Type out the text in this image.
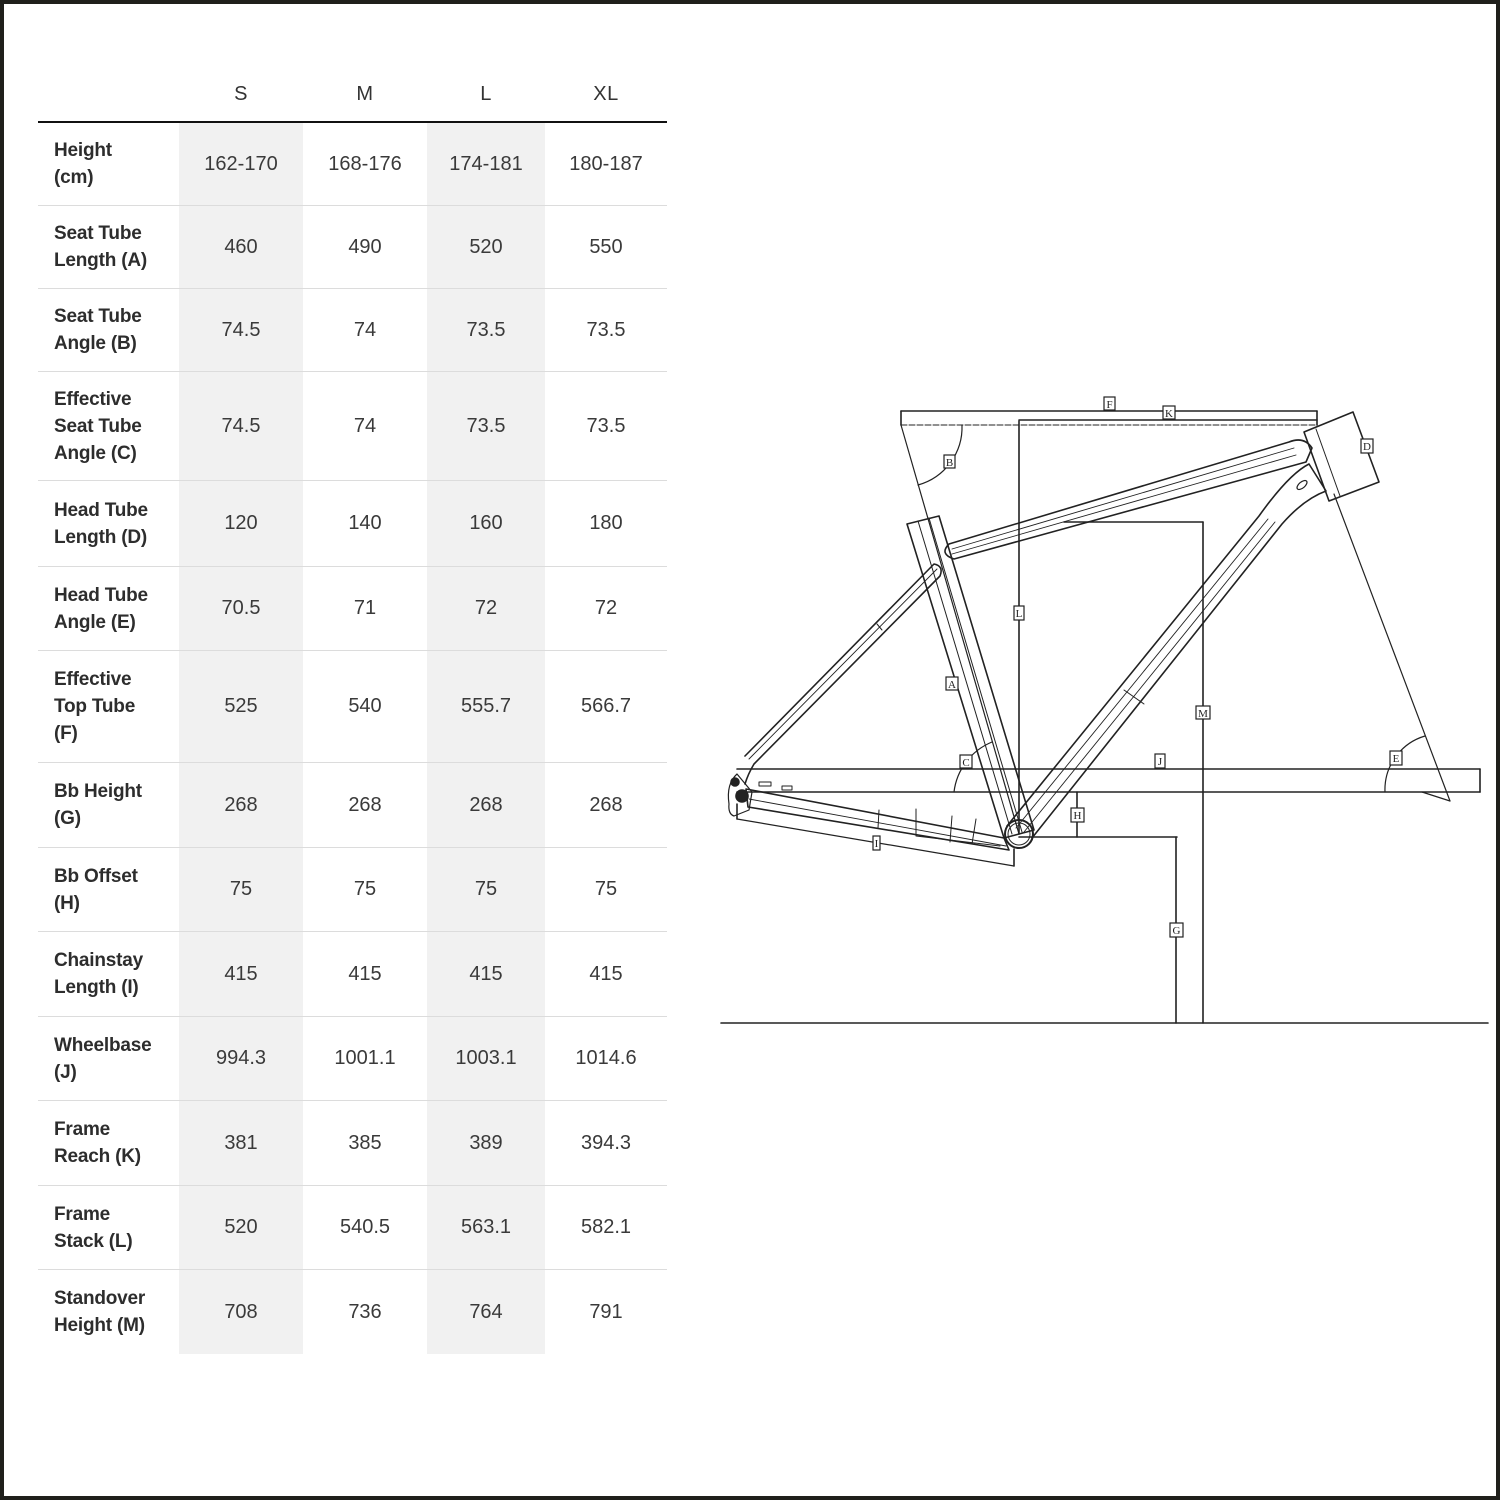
S	M	L	XL
Height
(cm)
162-170	168-176	174-181	180-187
Seat Tube
Length (A)
460	490	520	550
Seat Tube
Angle (B)
74.5	74	73.5	73.5
Effective
Seat Tube
Angle (C)
74.5	74	73.5	73.5
Head Tube
Length (D)
120	140	160	180
Head Tube
Angle (E)
70.5	71	72	72
Effective
Top Tube
(F)
525	540	555.7	566.7
Bb Height
(G)
268	268	268	268
Bb Offset
(H)
75	75	75	75
Chainstay
Length (I)
415	415	415	415
Wheelbase
(J)
994.3	1001.1	1003.1	1014.6
Frame
Reach (K)
381	385	389	394.3
Frame
Stack (L)
520	540.5	563.1	582.1
Standover
Height (M)
708	736	764	791
F
K
B
D
L
A
M
C	J	E
H
I
G
